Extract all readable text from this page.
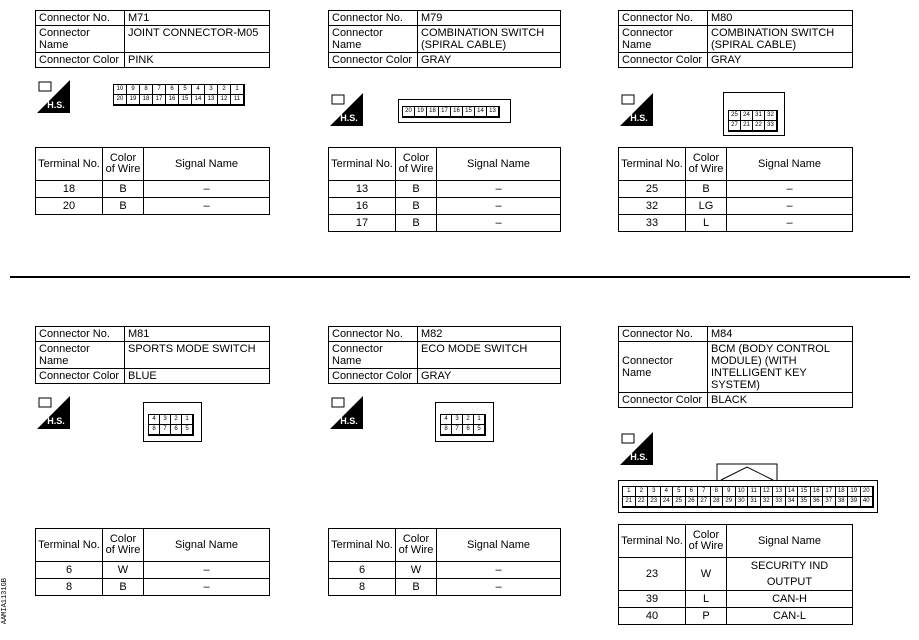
Connector No.	M71
Connector Name	JOINT CONNECTOR-M05
Connector Color	PINK
H.S.
10	9	8	7	6	5	4	3	2	1
20	19	18	17	16	15	14	13	12	11
Terminal No.	Color of Wire	Signal Name
18	B	–
20	B	–
Connector No.	M79
Connector Name	COMBINATION SWITCH (SPIRAL CABLE)
Connector Color	GRAY
H.S.
20 19 18 17 16 15 14 13
Terminal No.	Color of Wire	Signal Name
13	B	–
16	B	–
17	B	–
Connector No.	M80
Connector Name	COMBINATION SWITCH (SPIRAL CABLE)
Connector Color	GRAY
H.S.	25 24 31 32
27 21 22 33
Terminal No.	Color of Wire	Signal Name
25	B	–
32	LG	–
33	L	–
Connector No.	M81
Connector Name	SPORTS MODE SWITCH
Connector Color	BLUE
H.S.	4	3	2	1
8	7	6	5
Terminal No.	Color of Wire	Signal Name
6	W	–
8	B	–
Connector No.	M82
Connector Name	ECO MODE SWITCH
Connector Color	GRAY
H.S.	4	3	2	1
8	7	6	5
Terminal No.	Color of Wire	Signal Name
6	W	–
8	B	–
Connector No.	M84
Connector Name	BCM (BODY CONTROL MODULE) (WITH INTELLIGENT KEY SYSTEM)
Connector Color	BLACK
H.S.
1	2	3	4	5	6	7	8	9	10	11	12 13 14 15 16 17 18 19 20
21 22 23 24 25 26 27 28 29 30 31 32 33 34 35 36 37 38 39 40
Terminal No.	Color of Wire	Signal Name
23	W	SECURITY IND OUTPUT
39	L	CAN-H
40	P	CAN-L
AAMIA1131GB
